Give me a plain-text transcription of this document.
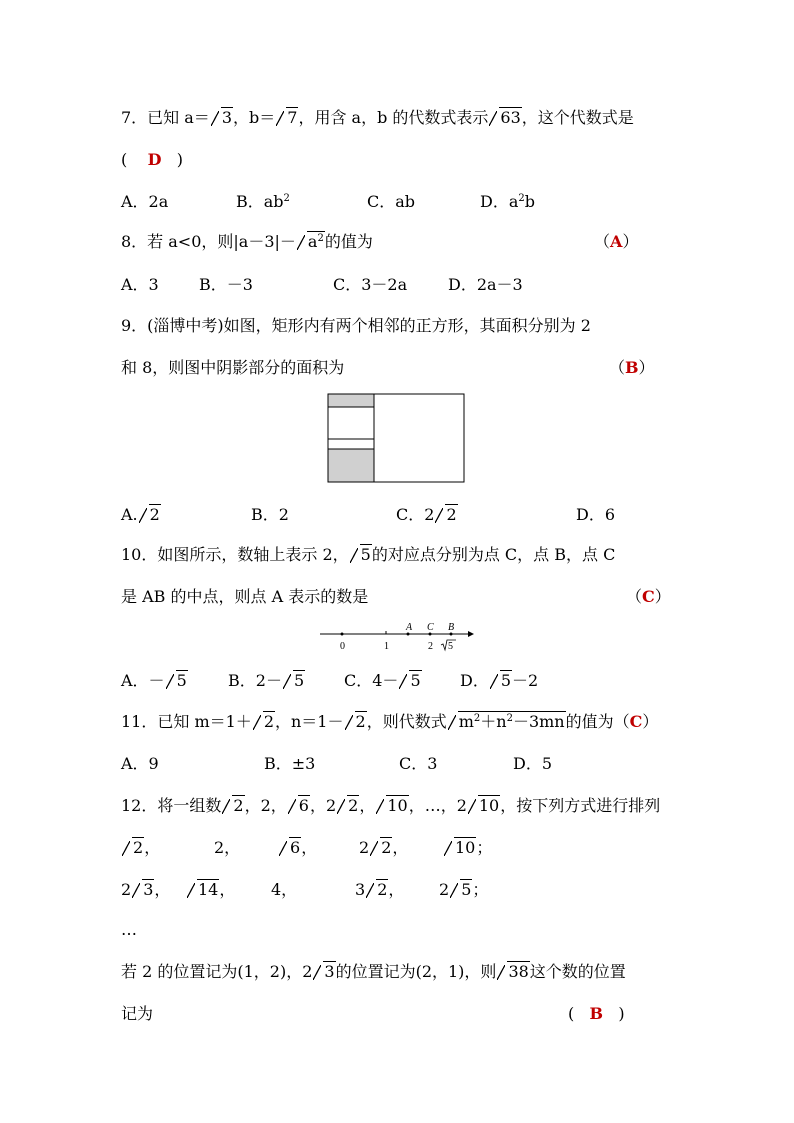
7．已知 a＝ 3，b＝ 7，用含 a，b 的代数式表示 63，这个代数式是
( D )
A．2a	B．$ab^2$	C．ab	D．$a^2b$
8．若 a<0，则$|a-3|- a^2$的值为	（A）
A．3	B．－3	C．3－2a	D．2a－3
9．(淄博中考)如图，矩形内有两个相邻的正方形，其面积分别为 2
和 8，则图中阴影部分的面积为	（B）
A. 2	B．2	C．2 2	D．6
10．如图所示，数轴上表示 2， 5的对应点分别为点 C，点 B，点 C
是 AB 的中点，则点 A 表示的数是	（C）
A C B
0	1	2 5
A．－ 5	B．2－ 5 C．4－ 5 D． 5－2
11．已知 m＝1＋ 2，n＝1－ 2，则代数式 $m^2+n^2-3mn$的值为（C）
A．9	B．±3	C．3	D．5
12．将一组数 2，2， 6，2 2， 10，…，2 10，按下列方式进行排列
2，	2，	6，	2 2，	10；
2 3，	14， 4，	3 2， 2 5；
…
若 2 的位置记为(1，2)，2 3的位置记为(2，1)，则 38这个数的位置
记为	( B )
